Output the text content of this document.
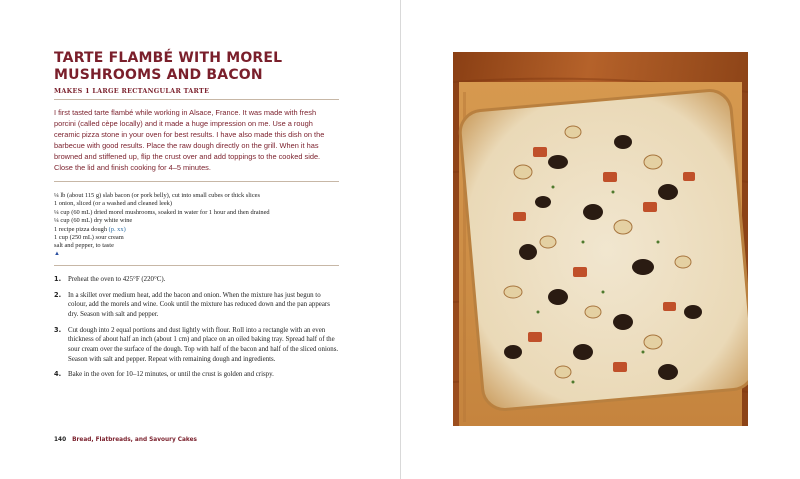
TARTE FLAMBÉ WITH MOREL
MUSHROOMS AND BACON
MAKES 1 LARGE RECTANGULAR TARTE

I first tasted tarte flambé while working in Alsace, France. It was made with fresh porcini (called cèpe locally) and it made a huge impression on me. Use a rough ceramic pizza stone in your oven for best results. I have also made this dish on the barbecue with good results. Place the raw dough directly on the grill. When it has browned and stiffened up, flip the crust over and add toppings to the cooked side. Close the lid and finish cooking for 4–5 minutes.

¼ lb (about 115 g) slab bacon (or pork belly), cut into small cubes or thick slices
1 onion, sliced (or a washed and cleaned leek)
¼ cup (60 mL) dried morel mushrooms, soaked in water for 1 hour and then drained
¼ cup (60 mL) dry white wine
1 recipe pizza dough (p. xx)
1 cup (250 mL) sour cream
salt and pepper, to taste
▲
1. Preheat the oven to 425°F (220°C).
2. In a skillet over medium heat, add the bacon and onion. When the mixture has just begun to colour, add the morels and wine. Cook until the mixture has reduced down and the pan appears dry. Season with salt and pepper.
3. Cut dough into 2 equal portions and dust lightly with flour. Roll into a rectangle with an even thickness of about half an inch (about 1 cm) and place on an oiled baking tray. Spread half of the sour cream over the surface of the dough. Top with half of the bacon and half of the sliced onions. Season with salt and pepper. Repeat with remaining dough and ingredients.
4. Bake in the oven for 10–12 minutes, or until the crust is golden and crispy.
140 Bread, Flatbreads, and Savoury Cakes
